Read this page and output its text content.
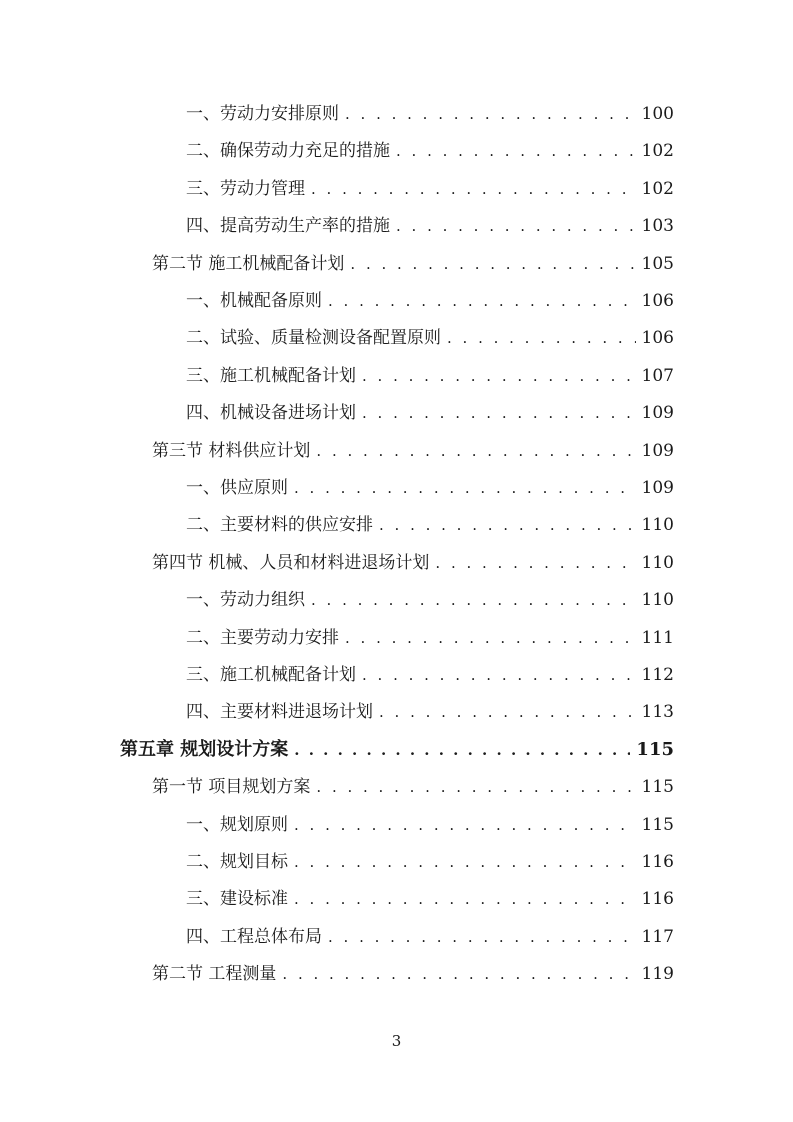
一、劳动力安排原则 . . .	100
二、确保劳动力充足的措施 . . .	102
三、劳动力管理 . . .	102
四、提高劳动生产率的措施 . . .	103
第二节 施工机械配备计划 . . .	105
一、机械配备原则 . . .	106
二、试验、质量检测设备配置原则 . . .	106
三、施工机械配备计划 . . .	107
四、机械设备进场计划 . . .	109
第三节 材料供应计划 . . .	109
一、供应原则 . . .	109
二、主要材料的供应安排 . . .	110
第四节 机械、人员和材料进退场计划 . . .	110
一、劳动力组织 . . .	110
二、主要劳动力安排 . . .	111
三、施工机械配备计划 . . .	112
四、主要材料进退场计划 . . .	113
第五章 规划设计方案 . . .	115
第一节 项目规划方案 . . .	115
一、规划原则 . . .	115
二、规划目标 . . .	116
三、建设标准 . . .	116
四、工程总体布局 . . .	117
第二节 工程测量 . . .	119
3
